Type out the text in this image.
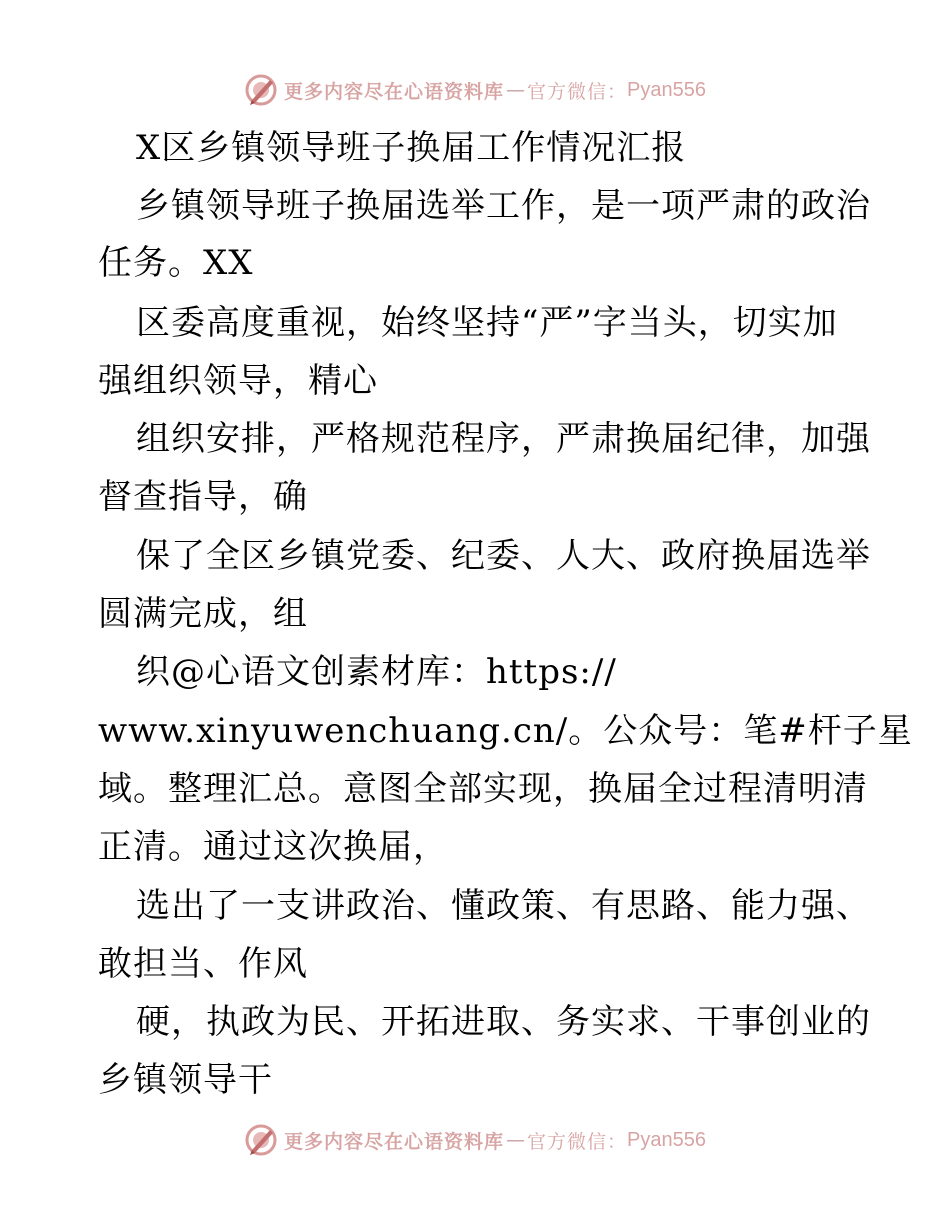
更多内容尽在心语资料库 — 官方微信： Pyan556
X区乡镇领导班子换届工作情况汇报
乡镇领导班子换届选举工作，是一项严肃的政治
任务。XX
区委高度重视，始终坚持“严”字当头，切实加
强组织领导，精心
组织安排，严格规范程序，严肃换届纪律，加强
督查指导，确
保了全区乡镇党委、纪委、人大、政府换届选举
圆满完成，组
织@心语文创素材库：https://
www.xinyuwenchuang.cn/。公众号：笔#杆子星
域。整理汇总。意图全部实现，换届全过程清明清
正清。通过这次换届，
选出了一支讲政治、懂政策、有思路、能力强、
敢担当、作风
硬，执政为民、开拓进取、务实求、干事创业的
乡镇领导干
更多内容尽在心语资料库 — 官方微信： Pyan556
